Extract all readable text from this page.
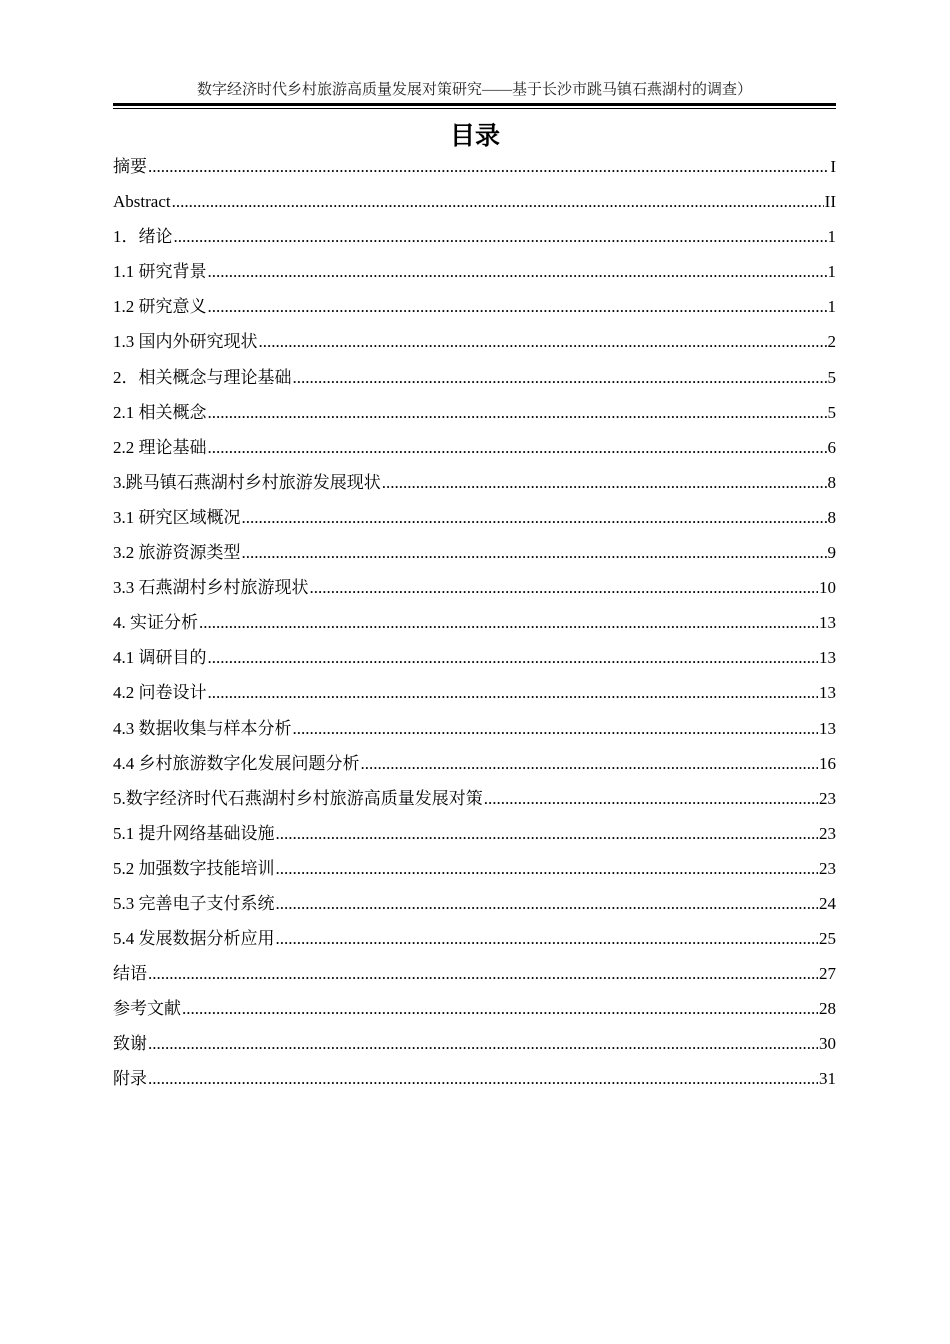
数字经济时代乡村旅游高质量发展对策研究——基于长沙市跳马镇石燕湖村的调查）
目录
摘要 .....	I
Abstract .....	II
1．绪论 .....	1
1.1 研究背景 .....	1
1.2 研究意义 .....	1
1.3 国内外研究现状 .....	2
2．相关概念与理论基础 .....	5
2.1 相关概念 .....	5
2.2 理论基础 .....	6
3.跳马镇石燕湖村乡村旅游发展现状 .....	8
3.1 研究区域概况 .....	8
3.2 旅游资源类型 .....	9
3.3 石燕湖村乡村旅游现状 .....	10
4. 实证分析 .....	13
4.1 调研目的 .....	13
4.2 问卷设计 .....	13
4.3 数据收集与样本分析 .....	13
4.4 乡村旅游数字化发展问题分析 .....	16
5.数字经济时代石燕湖村乡村旅游高质量发展对策 .....	23
5.1 提升网络基础设施 .....	23
5.2 加强数字技能培训 .....	23
5.3 完善电子支付系统 .....	24
5.4 发展数据分析应用 .....	25
结语 .....	27
参考文献 .....	28
致谢 .....	30
附录 .....	31
